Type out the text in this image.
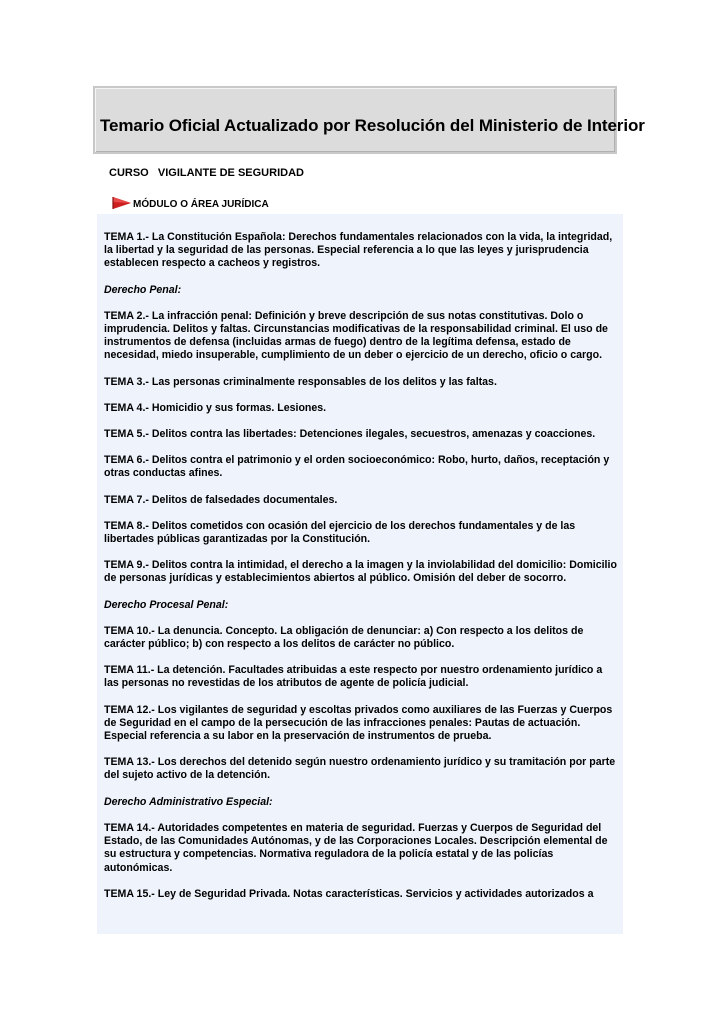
Temario Oficial Actualizado por Resolución del Ministerio de Interior
CURSO   VIGILANTE DE SEGURIDAD
MÓDULO O ÁREA JURÍDICA

TEMA 1.- La Constitución Española: Derechos fundamentales relacionados con la vida, la integridad, la libertad y la seguridad de las personas. Especial referencia a lo que las leyes y jurisprudencia establecen respecto a cacheos y registros.

Derecho Penal:

TEMA 2.- La infracción penal: Definición y breve descripción de sus notas constitutivas. Dolo o imprudencia. Delitos y faltas. Circunstancias modificativas de la responsabilidad criminal. El uso de instrumentos de defensa (incluidas armas de fuego) dentro de la legítima defensa, estado de necesidad, miedo insuperable, cumplimiento de un deber o ejercicio de un derecho, oficio o cargo.

TEMA 3.- Las personas criminalmente responsables de los delitos y las faltas.

TEMA 4.- Homicidio y sus formas. Lesiones.

TEMA 5.- Delitos contra las libertades: Detenciones ilegales, secuestros, amenazas y coacciones.

TEMA 6.- Delitos contra el patrimonio y el orden socioeconómico: Robo, hurto, daños, receptación y otras conductas afines.

TEMA 7.- Delitos de falsedades documentales.

TEMA 8.- Delitos cometidos con ocasión del ejercicio de los derechos fundamentales y de las libertades públicas garantizadas por la Constitución.

TEMA 9.- Delitos contra la intimidad, el derecho a la imagen y la inviolabilidad del domicilio: Domicilio de personas jurídicas y establecimientos abiertos al público. Omisión del deber de socorro.

Derecho Procesal Penal:

TEMA 10.- La denuncia. Concepto. La obligación de denunciar: a) Con respecto a los delitos de carácter público; b) con respecto a los delitos de carácter no público.

TEMA 11.- La detención. Facultades atribuidas a este respecto por nuestro ordenamiento jurídico a las personas no revestidas de los atributos de agente de policía judicial.

TEMA 12.- Los vigilantes de seguridad y escoltas privados como auxiliares de las Fuerzas y Cuerpos de Seguridad en el campo de la persecución de las infracciones penales: Pautas de actuación. Especial referencia a su labor en la preservación de instrumentos de prueba.

TEMA 13.- Los derechos del detenido según nuestro ordenamiento jurídico y su tramitación por parte del sujeto activo de la detención.

Derecho Administrativo Especial:

TEMA 14.- Autoridades competentes en materia de seguridad. Fuerzas y Cuerpos de Seguridad del Estado, de las Comunidades Autónomas, y de las Corporaciones Locales. Descripción elemental de su estructura y competencias. Normativa reguladora de la policía estatal y de las policías autonómicas.

TEMA 15.- Ley de Seguridad Privada. Notas características. Servicios y actividades autorizados a
